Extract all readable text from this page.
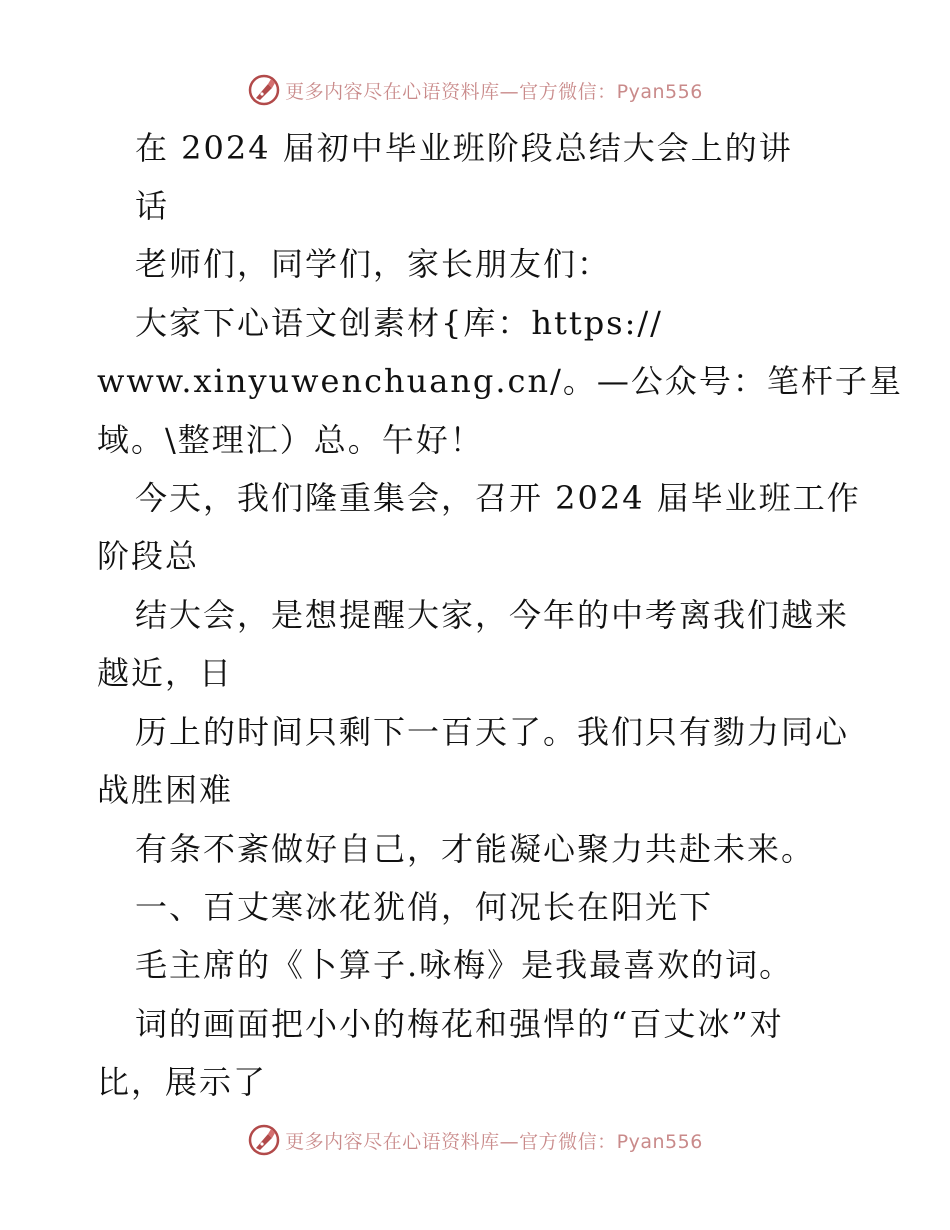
更多内容尽在心语资料库—官方微信：Pyan556
在 2024 届初中毕业班阶段总结大会上的讲
话
老师们，同学们，家长朋友们：
大家下心语文创素材{库：https://
www.xinyuwenchuang.cn/。—公众号：笔杆子星
域。\整理汇）总。午好！
今天，我们隆重集会，召开 2024 届毕业班工作
阶段总
结大会，是想提醒大家，今年的中考离我们越来
越近，日
历上的时间只剩下一百天了。我们只有勠力同心
战胜困难
有条不紊做好自己，才能凝心聚力共赴未来。
一、百丈寒冰花犹俏，何况长在阳光下
毛主席的《卜算子.咏梅》是我最喜欢的词。
词的画面把小小的梅花和强悍的“百丈冰”对
比，展示了
更多内容尽在心语资料库—官方微信：Pyan556
